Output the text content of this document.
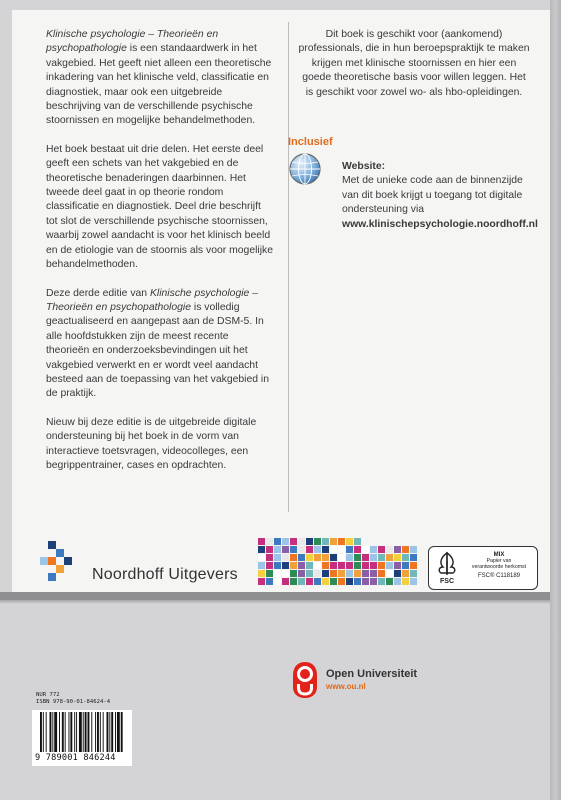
Klinische psychologie – Theorieën en psychopathologie is een standaardwerk in het vakgebied. Het geeft niet alleen een theoretische inkadering van het klinische veld, classificatie en diagnostiek, maar ook een uitgebreide beschrijving van de verschillende psychische stoornissen en mogelijke behandelmethoden.

Het boek bestaat uit drie delen. Het eerste deel geeft een schets van het vakgebied en de theoretische benaderingen daarbinnen. Het tweede deel gaat in op theorie rondom classificatie en diagnostiek. Deel drie beschrijft tot slot de verschillende psychische stoornissen, waarbij zowel aandacht is voor het klinisch beeld en de etiologie van de stoornis als voor mogelijke behandelmethoden.

Deze derde editie van Klinische psychologie – Theorieën en psychopathologie is volledig geactualiseerd en aangepast aan de DSM-5. In alle hoofdstukken zijn de meest recente theorieën en onderzoeksbevindingen uit het vakgebied verwerkt en er wordt veel aandacht besteed aan de toepassing van het vakgebied in de praktijk.

Nieuw bij deze editie is de uitgebreide digitale ondersteuning bij het boek in de vorm van interactieve toetsvragen, videocolleges, een begrippentrainer, cases en opdrachten.

Dit boek is geschikt voor (aankomend) professionals, die in hun beroepspraktijk te maken krijgen met klinische stoornissen en hier een goede theoretische basis voor willen leggen. Het is geschikt voor zowel wo- als hbo-opleidingen.

Inclusief
Website:
Met de unieke code aan de binnenzijde van dit boek krijgt u toegang tot digitale ondersteuning via
www.klinischepsychologie.noordhoff.nl
Noordhoff Uitgevers	FSC
MIX
Papier van
verantwoorde herkomst
FSC® C118189
Open Universiteit
www.ou.nl
NUR 772
ISBN 978-90-01-84624-4
9 789001 846244
